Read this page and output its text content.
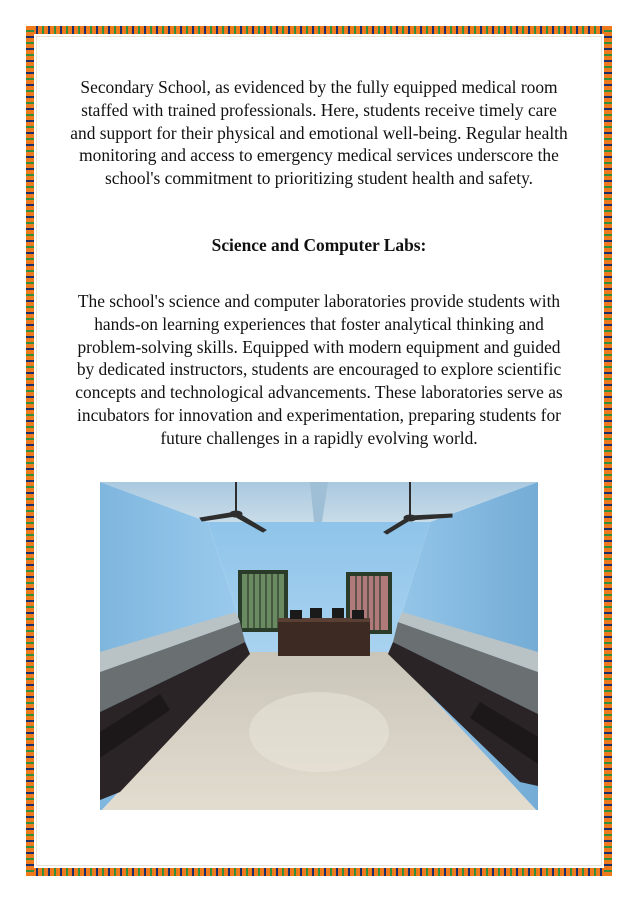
Secondary School, as evidenced by the fully equipped medical room staffed with trained professionals. Here, students receive timely care and support for their physical and emotional well-being. Regular health monitoring and access to emergency medical services underscore the school's commitment to prioritizing student health and safety.

Science and Computer Labs:

The school's science and computer laboratories provide students with hands-on learning experiences that foster analytical thinking and problem-solving skills. Equipped with modern equipment and guided by dedicated instructors, students are encouraged to explore scientific concepts and technological advancements. These laboratories serve as incubators for innovation and experimentation, preparing students for future challenges in a rapidly evolving world.
